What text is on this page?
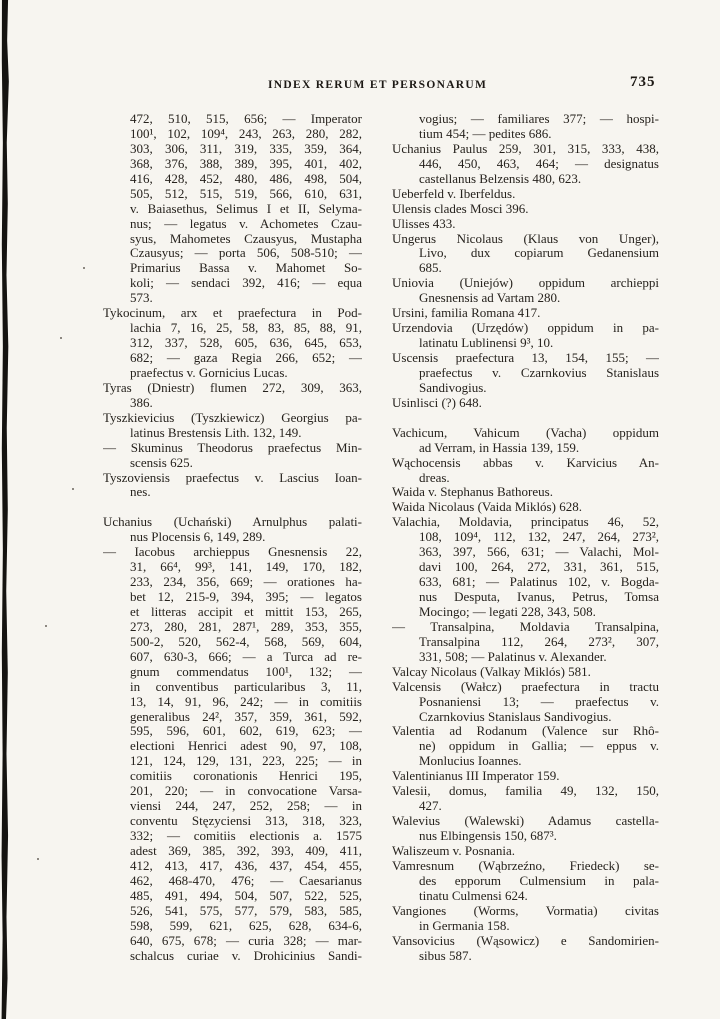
INDEX RERUM ET PERSONARUM	735
472, 510, 515, 656; — Imperator
100¹, 102, 109⁴, 243, 263, 280, 282,
303, 306, 311, 319, 335, 359, 364,
368, 376, 388, 389, 395, 401, 402,
416, 428, 452, 480, 486, 498, 504,
505, 512, 515, 519, 566, 610, 631,
v. Baiasethus, Selimus I et II, Selyma-
nus; — legatus v. Achometes Czau-
syus, Mahometes Czausyus, Mustapha
Czausyus; — porta 506, 508-510; —
Primarius Bassa v. Mahomet So-
koli; — sendaci 392, 416; — equa
573.
Tykocinum, arx et praefectura in Pod-
lachia 7, 16, 25, 58, 83, 85, 88, 91,
312, 337, 528, 605, 636, 645, 653,
682; — gaza Regia 266, 652; —
praefectus v. Gornicius Lucas.
Tyras (Dniestr) flumen 272, 309, 363,
386.
Tyszkievicius (Tyszkiewicz) Georgius pa-
latinus Brestensis Lith. 132, 149.
— Skuminus Theodorus praefectus Min-
scensis 625.
Tyszoviensis praefectus v. Lascius Ioan-
nes.
Uchanius (Uchański) Arnulphus palati-
nus Plocensis 6, 149, 289.
— Iacobus archieppus Gnesnensis 22,
31, 66⁴, 99³, 141, 149, 170, 182,
233, 234, 356, 669; — orationes ha-
bet 12, 215-9, 394, 395; — legatos
et litteras accipit et mittit 153, 265,
273, 280, 281, 287¹, 289, 353, 355,
500-2, 520, 562-4, 568, 569, 604,
607, 630-3, 666; — a Turca ad re-
gnum commendatus 100¹, 132; —
in conventibus particularibus 3, 11,
13, 14, 91, 96, 242; — in comitiis
generalibus 24², 357, 359, 361, 592,
595, 596, 601, 602, 619, 623; —
electioni Henrici adest 90, 97, 108,
121, 124, 129, 131, 223, 225; — in
comitiis coronationis Henrici 195,
201, 220; — in convocatione Varsa-
viensi 244, 247, 252, 258; — in
conventu Stęzyciensi 313, 318, 323,
332; — comitiis electionis a. 1575
adest 369, 385, 392, 393, 409, 411,
412, 413, 417, 436, 437, 454, 455,
462, 468-470, 476; — Caesarianus
485, 491, 494, 504, 507, 522, 525,
526, 541, 575, 577, 579, 583, 585,
598, 599, 621, 625, 628, 634-6,
640, 675, 678; — curia 328; — mar-
schalcus curiae v. Drohicinius Sandi-
vogius; — familiares 377; — hospi-
tium 454; — pedites 686.
Uchanius Paulus 259, 301, 315, 333, 438,
446, 450, 463, 464; — designatus
castellanus Belzensis 480, 623.
Ueberfeld v. Iberfeldus.
Ulensis clades Mosci 396.
Ulisses 433.
Ungerus Nicolaus (Klaus von Unger),
Livo, dux copiarum Gedanensium
685.
Uniovia (Uniejów) oppidum archieppi
Gnesnensis ad Vartam 280.
Ursini, familia Romana 417.
Urzendovia (Urzędów) oppidum in pa-
latinatu Lublinensi 9³, 10.
Uscensis praefectura 13, 154, 155; —
praefectus v. Czarnkovius Stanislaus
Sandivogius.
Usinlisci (?) 648.
Vachicum, Vahicum (Vacha) oppidum
ad Verram, in Hassia 139, 159.
Wąchocensis abbas v. Karvicius An-
dreas.
Waida v. Stephanus Bathoreus.
Waida Nicolaus (Vaida Miklós) 628.
Valachia, Moldavia, principatus 46, 52,
108, 109⁴, 112, 132, 247, 264, 273²,
363, 397, 566, 631; — Valachi, Mol-
davi 100, 264, 272, 331, 361, 515,
633, 681; — Palatinus 102, v. Bogda-
nus Desputa, Ivanus, Petrus, Tomsa
Mocingo; — legati 228, 343, 508.
— Transalpina, Moldavia Transalpina,
Transalpina 112, 264, 273², 307,
331, 508; — Palatinus v. Alexander.
Valcay Nicolaus (Valkay Miklós) 581.
Valcensis (Wałcz) praefectura in tractu
Posnaniensi 13; — praefectus v.
Czarnkovius Stanislaus Sandivogius.
Valentia ad Rodanum (Valence sur Rhô-
ne) oppidum in Gallia; — eppus v.
Monlucius Ioannes.
Valentinianus III Imperator 159.
Valesii, domus, familia 49, 132, 150,
427.
Walevius (Walewski) Adamus castella-
nus Elbingensis 150, 687³.
Waliszeum v. Posnania.
Vamresnum (Wąbrzeźno, Friedeck) se-
des epporum Culmensium in pala-
tinatu Culmensi 624.
Vangiones (Worms, Vormatia) civitas
in Germania 158.
Vansovicius (Wąsowicz) e Sandomirien-
sibus 587.
